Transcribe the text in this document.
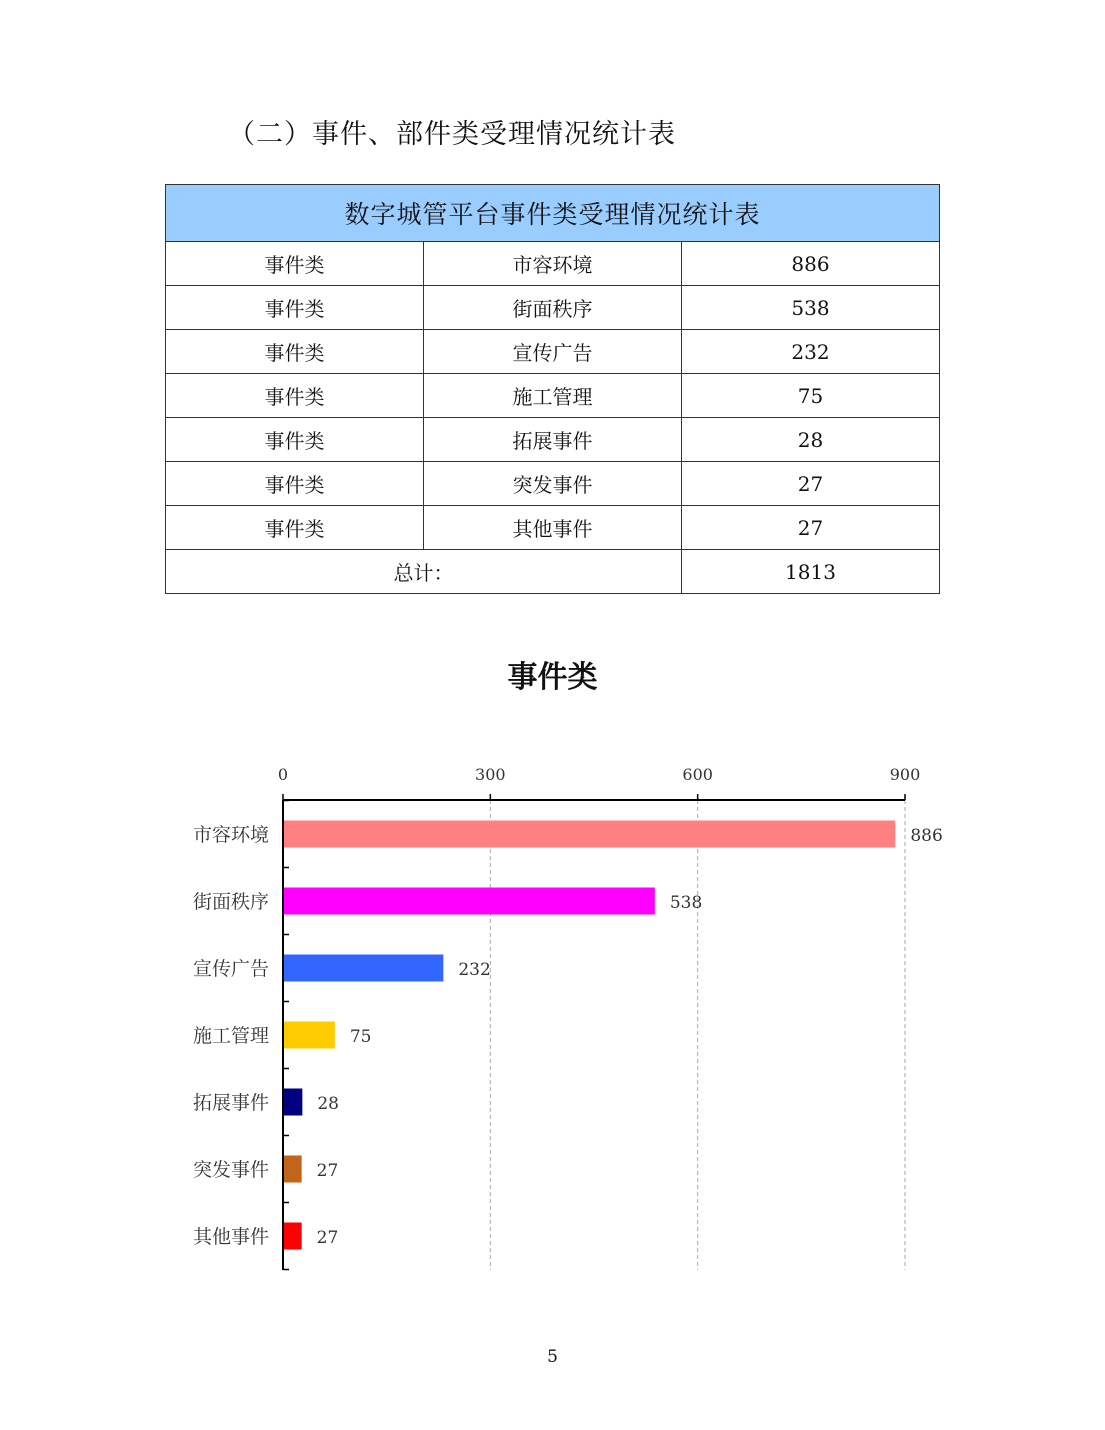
（二）事件、部件类受理情况统计表
数字城管平台事件类受理情况统计表		
事件类	市容环境	886
事件类	街面秩序	538
事件类	宣传广告	232
事件类	施工管理	75
事件类	拓展事件	28
事件类	突发事件	27
事件类	其他事件	27
总计：		1813
事件类
0	300	600	900
市容环境	886
街面秩序	538
宣传广告	232
施工管理	75
拓展事件	28
突发事件	27
其他事件	27
5
